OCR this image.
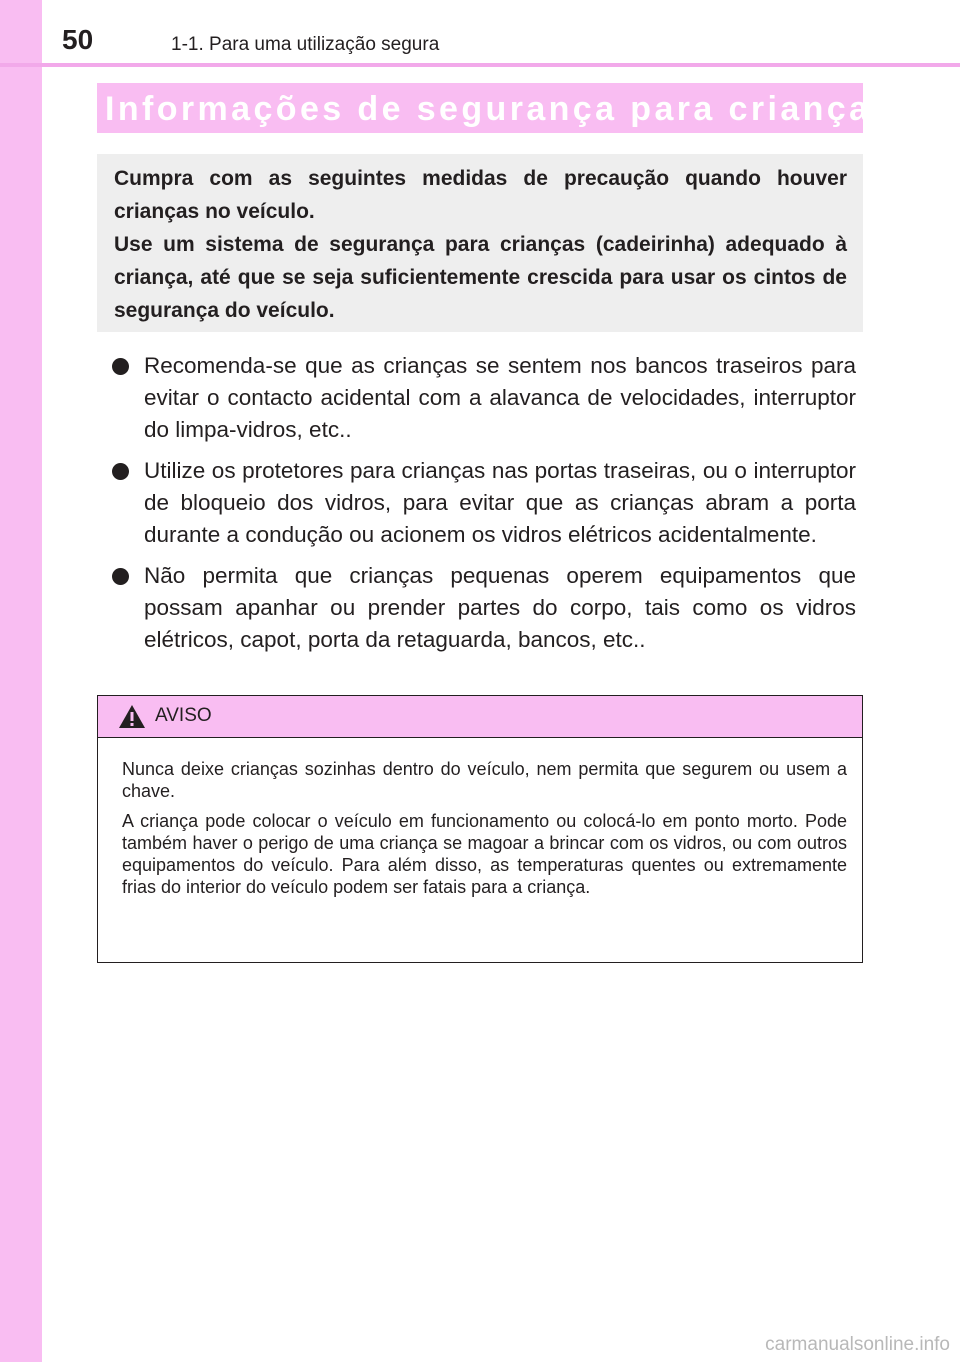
50	1-1. Para uma utilização segura
Informações de segurança para crianças

Cumpra com as seguintes medidas de precaução quando houver crianças no veículo.

Use um sistema de segurança para crianças (cadeirinha) adequado à criança, até que se seja suficientemente crescida para usar os cintos de segurança do veículo.

Recomenda-se que as crianças se sentem nos bancos traseiros para evitar o contacto acidental com a alavanca de velocidades, interruptor do limpa-vidros, etc..
Utilize os protetores para crianças nas portas traseiras, ou o interruptor de bloqueio dos vidros, para evitar que as crianças abram a porta durante a condução ou acionem os vidros elétricos acidentalmente.
Não permita que crianças pequenas operem equipamentos que possam apanhar ou prender partes do corpo, tais como os vidros elétricos, capot, porta da retaguarda, bancos, etc..
AVISO

Nunca deixe crianças sozinhas dentro do veículo, nem permita que segurem ou usem a chave.

A criança pode colocar o veículo em funcionamento ou colocá-lo em ponto morto. Pode também haver o perigo de uma criança se magoar a brincar com os vidros, ou com outros equipamentos do veículo. Para além disso, as temperaturas quentes ou extremamente frias do interior do veículo podem ser fatais para a criança.

carmanualsonline.info
